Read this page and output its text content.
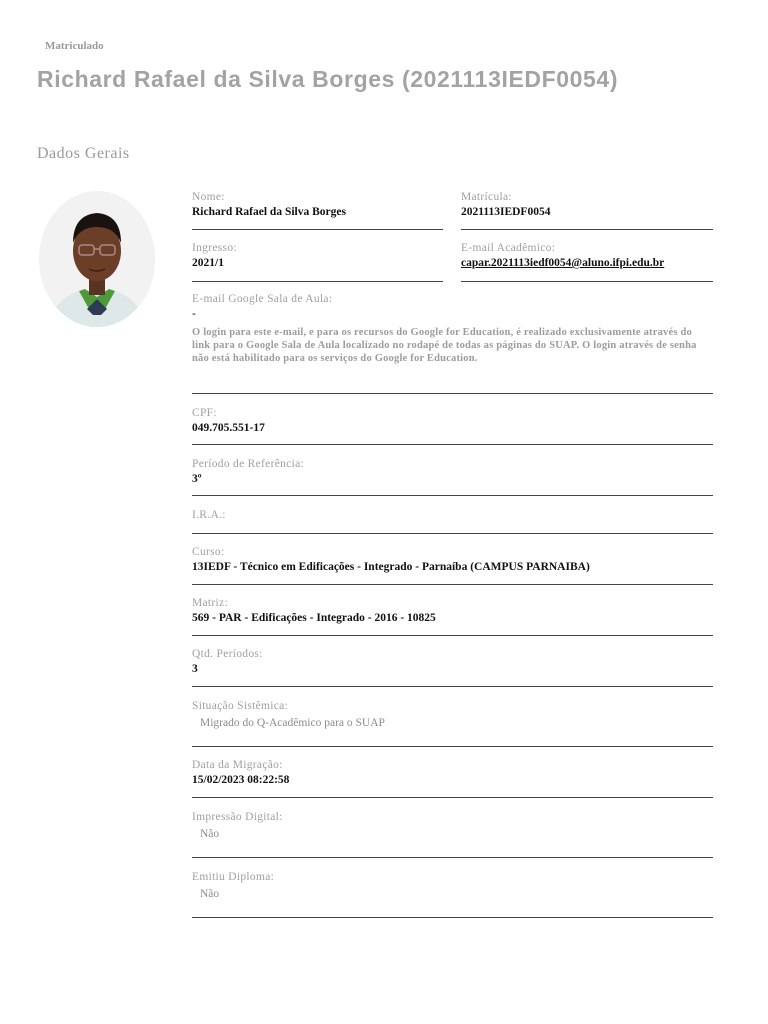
Matriculado
Richard Rafael da Silva Borges (2021113IEDF0054)
Dados Gerais
Nome:
Richard Rafael da Silva Borges
Matrícula:
2021113IEDF0054
Ingresso:
2021/1
E-mail Acadêmico:
capar.2021113iedf0054@aluno.ifpi.edu.br
E-mail Google Sala de Aula:
-
O login para este e-mail, e para os recursos do Google for Education, é realizado exclusivamente através do link para o Google Sala de Aula localizado no rodapé de todas as páginas do SUAP. O login através de senha não está habilitado para os serviços do Google for Education.
CPF:
049.705.551-17
Período de Referência:
3º
I.R.A.:
Curso:
13IEDF - Técnico em Edificações - Integrado - Parnaíba (CAMPUS PARNAIBA)
Matriz:
569 - PAR - Edificações - Integrado - 2016 - 10825
Qtd. Períodos:
3
Situação Sistêmica:
Migrado do Q-Acadêmico para o SUAP
Data da Migração:
15/02/2023 08:22:58
Impressão Digital:
Não
Emitiu Diploma:
Não
